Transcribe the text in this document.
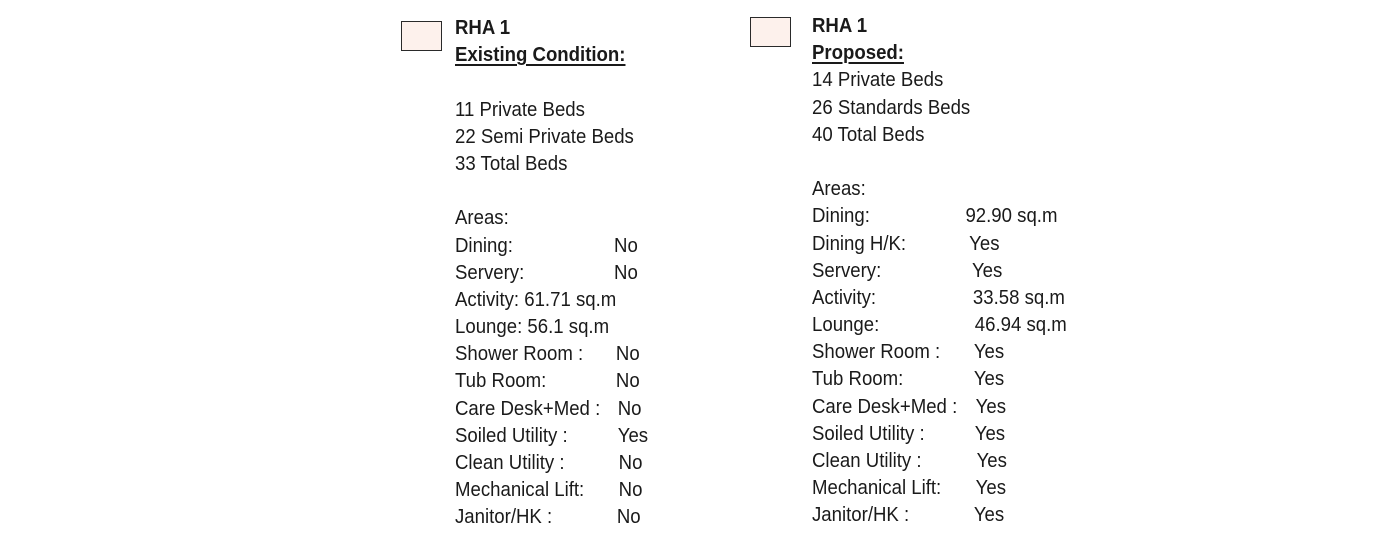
RHA 1
Existing Condition:
11 Private Beds
22 Semi Private Beds
33 Total Beds
Areas:
Dining:	No
Servery:	No
Activity: 61.71 sq.m
Lounge: 56.1 sq.m
Shower Room : No
Tub Room:	No
Care Desk+Med : No
Soiled Utility :	Yes
Clean Utility :	No
Mechanical Lift: No
Janitor/HK :	No
RHA 1
Proposed:
14 Private Beds
26 Standards Beds
40 Total Beds
Areas:
Dining:	92.90 sq.m
Dining H/K:	Yes
Servery:	Yes
Activity:	33.58 sq.m
Lounge:	46.94 sq.m
Shower Room : Yes
Tub Room:	Yes
Care Desk+Med : Yes
Soiled Utility :	Yes
Clean Utility :	Yes
Mechanical Lift: Yes
Janitor/HK :	Yes
